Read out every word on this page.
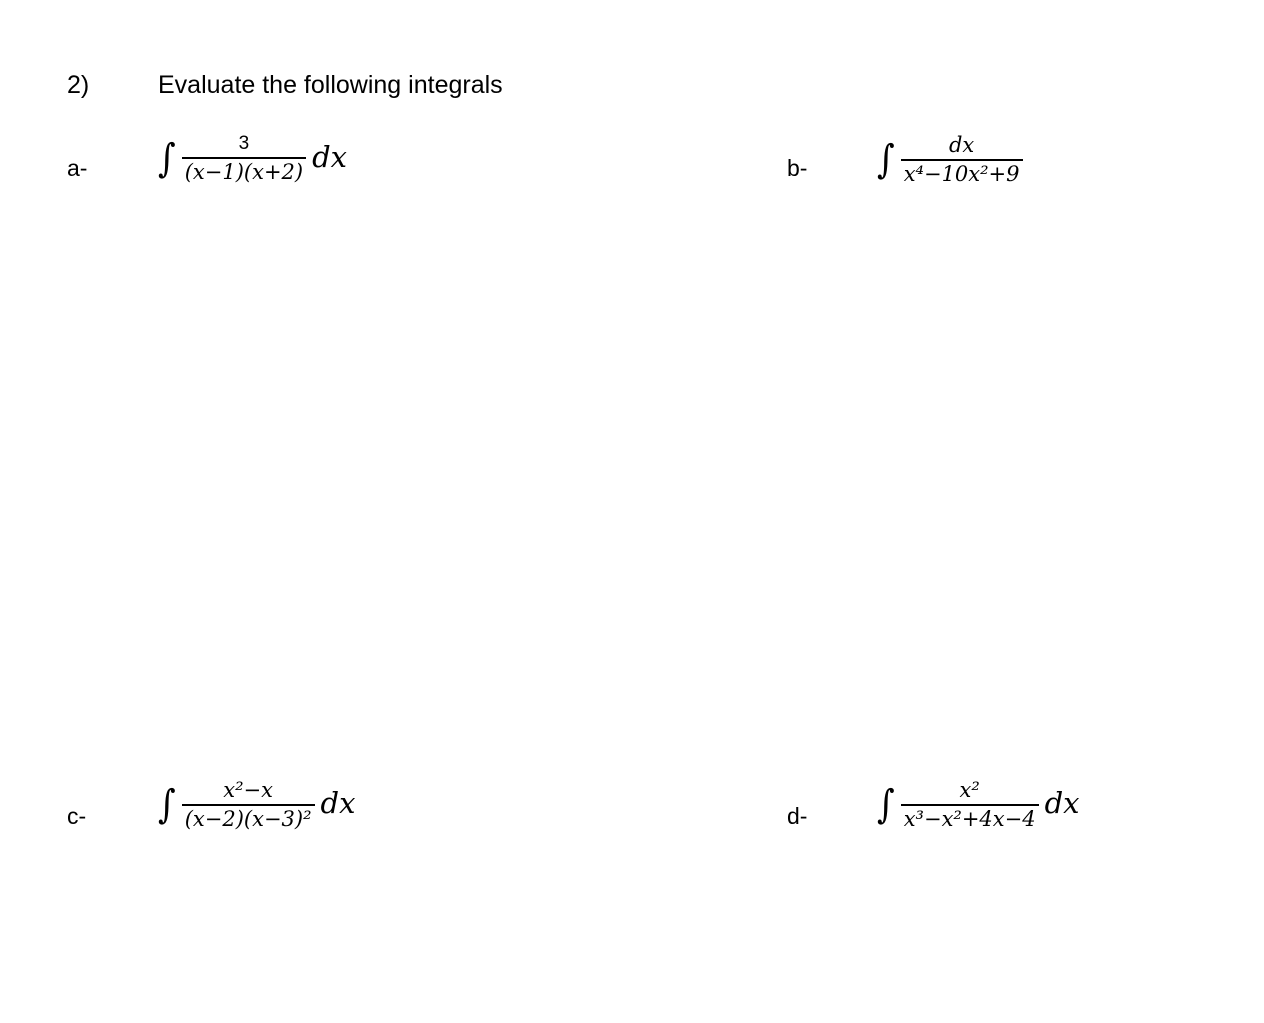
2)	Evaluate the following integrals
a- ∫ $\frac{3}{(x-1)(x+2)}$ dx	b- ∫ $\frac{dx}{\text{x⁴−10x²+9}}$
c- ∫ $\frac{\text{x²−x}}{\text{(x−2)(x−3)²}}$ dx	d- ∫ $\frac{\text{x²}}{\text{x³−x²+4x−4}}$ dx
